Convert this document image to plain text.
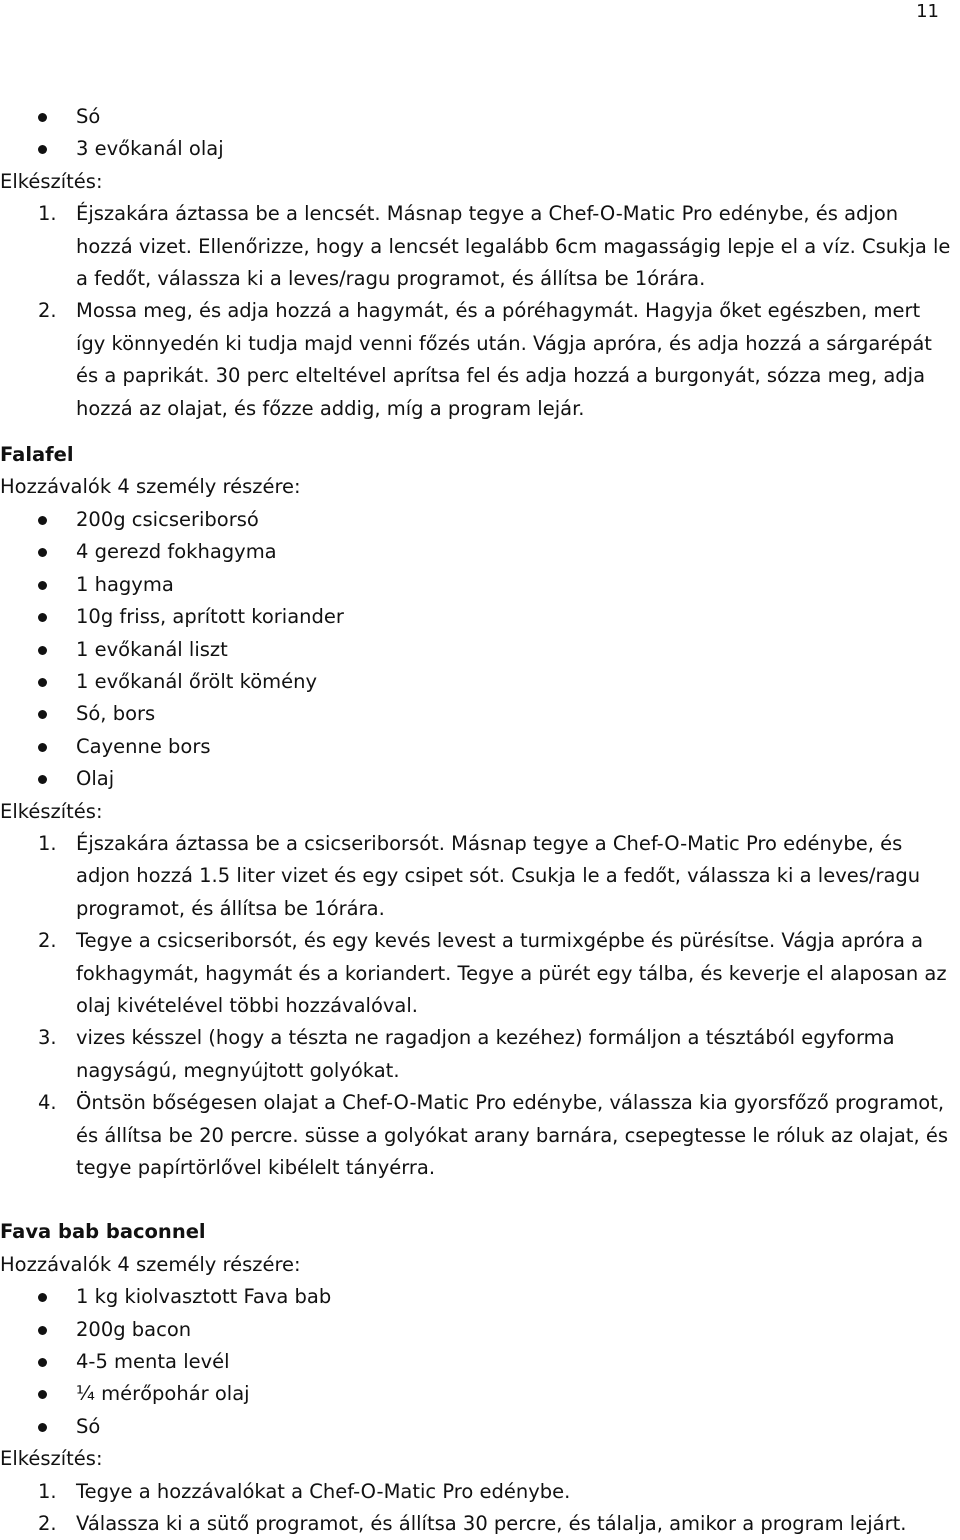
11
Só
3 evőkanál olaj
Elkészítés:
1. Éjszakára áztassa be a lencsét. Másnap tegye a Chef-O-Matic Pro edénybe, és adjon hozzá vizet. Ellenőrizze, hogy a lencsét legalább 6cm magasságig lepje el a víz. Csukja le a fedőt, válassza ki a leves/ragu programot, és állítsa be 1órára.
2. Mossa meg, és adja hozzá a hagymát, és a póréhagymát. Hagyja őket egészben, mert így könnyedén ki tudja majd venni főzés után. Vágja apróra, és adja hozzá a sárgarépát és a paprikát. 30 perc elteltével aprítsa fel és adja hozzá a burgonyát, sózza meg, adja hozzá az olajat, és főzze addig, míg a program lejár.
Falafel
Hozzávalók 4 személy részére:
200g csicseriborsó
4 gerezd fokhagyma
1 hagyma
10g friss, aprított koriander
1 evőkanál liszt
1 evőkanál őrölt kömény
Só, bors
Cayenne bors
Olaj
Elkészítés:
1. Éjszakára áztassa be a csicseriborsót. Másnap tegye a Chef-O-Matic Pro edénybe, és adjon hozzá 1.5 liter vizet és egy csipet sót. Csukja le a fedőt, válassza ki a leves/ragu programot, és állítsa be 1órára.
2. Tegye a csicseriborsót, és egy kevés levest a turmixgépbe és pürésítse. Vágja apróra a fokhagymát, hagymát és a koriandert. Tegye a pürét egy tálba, és keverje el alaposan az olaj kivételével többi hozzávalóval.
3. vizes késszel (hogy a tészta ne ragadjon a kezéhez) formáljon a tésztából egyforma nagyságú, megnyújtott golyókat.
4. Öntsön bőségesen olajat a Chef-O-Matic Pro edénybe, válassza kia gyorsfőző programot, és állítsa be 20 percre. süsse a golyókat arany barnára, csepegtesse le róluk az olajat, és tegye papírtörlővel kibélelt tányérra.
Fava bab baconnel
Hozzávalók 4 személy részére:
1 kg kiolvasztott Fava bab
200g bacon
4-5 menta levél
¼ mérőpohár olaj
Só
Elkészítés:
1. Tegye a hozzávalókat a Chef-O-Matic Pro edénybe.
2. Válassza ki a sütő programot, és állítsa 30 percre, és tálalja, amikor a program lejárt.
